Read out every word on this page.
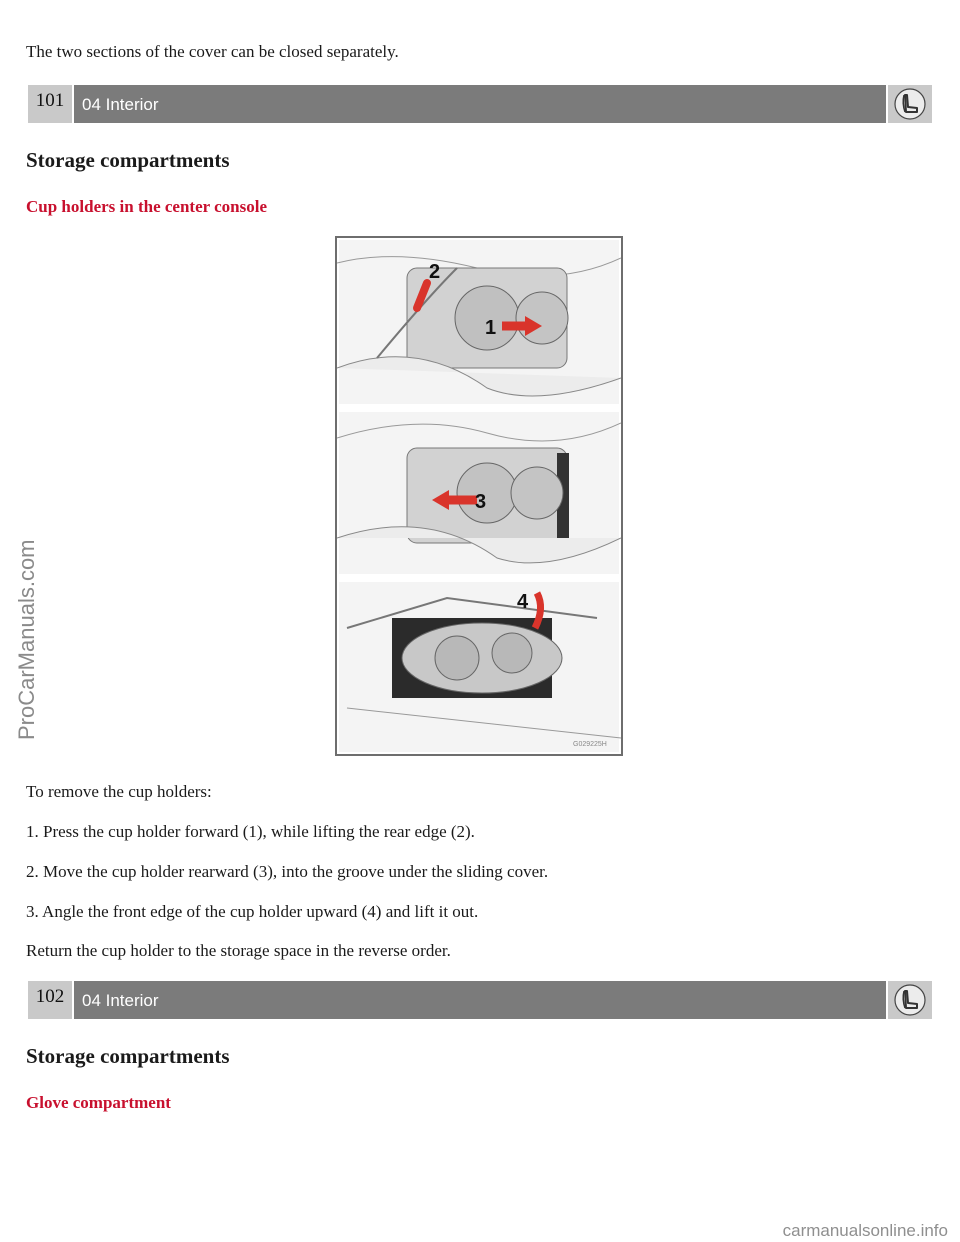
The two sections of the cover can be closed separately.

101	04 Interior
Storage compartments
Cup holders in the center console
2
1
3
4
G029225H

To remove the cup holders:

1. Press the cup holder forward (1), while lifting the rear edge (2).

2. Move the cup holder rearward (3), into the groove under the sliding cover.

3. Angle the front edge of the cup holder upward (4) and lift it out.

Return the cup holder to the storage space in the reverse order.

102	04 Interior
Storage compartments
Glove compartment
ProCarManuals.com
carmanualsonline.info
